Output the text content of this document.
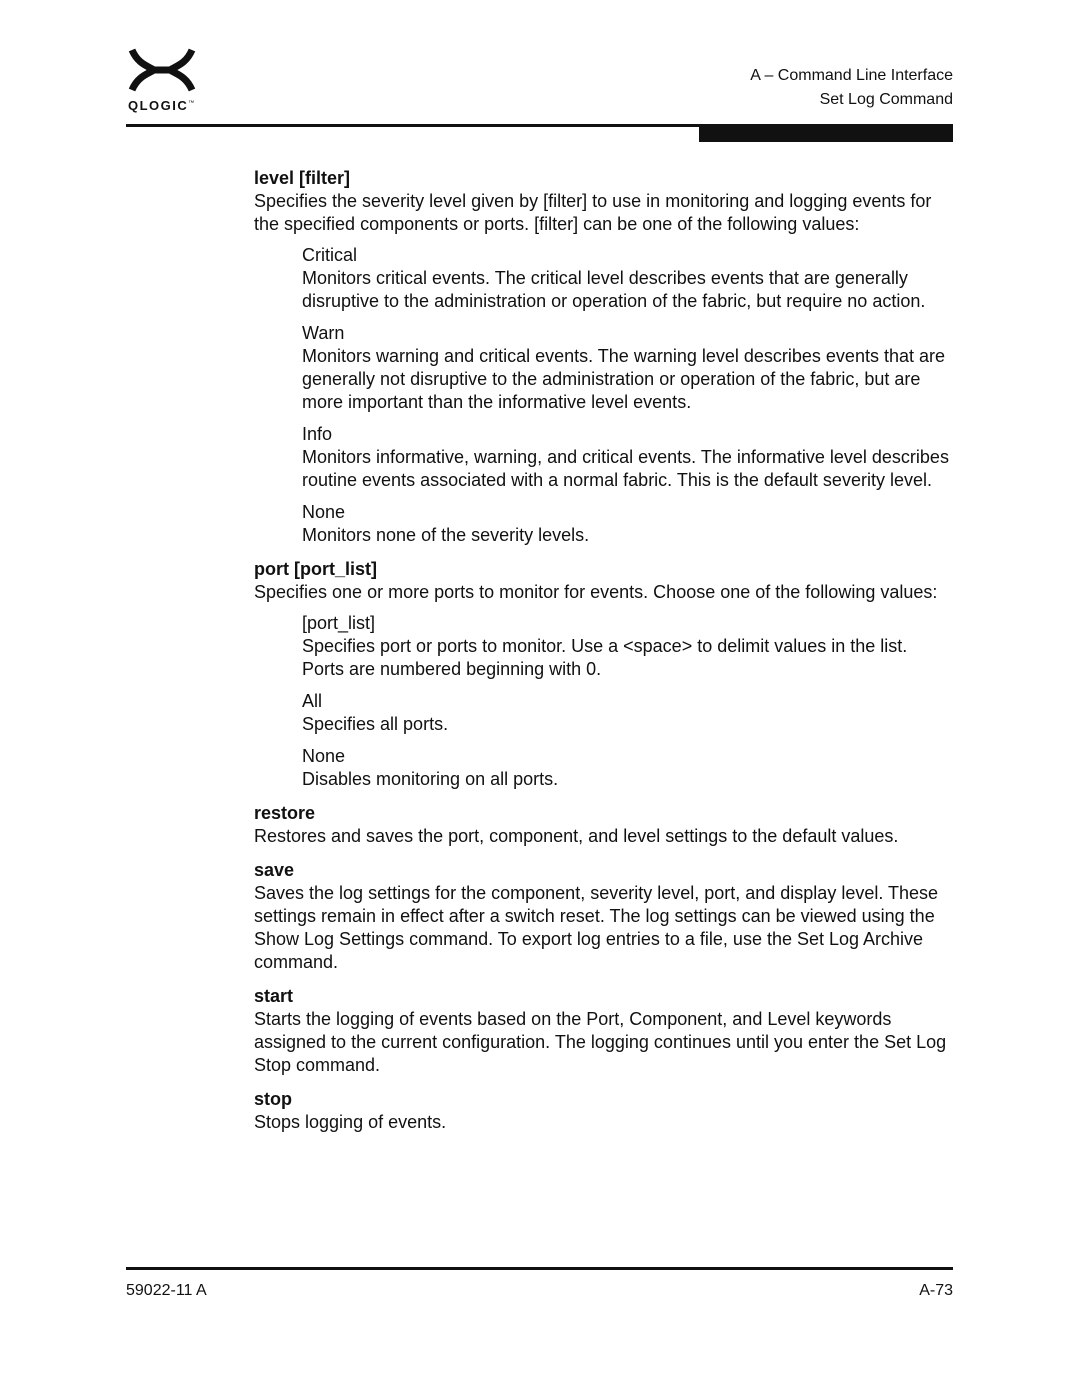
QLOGIC™
A – Command Line Interface
Set Log Command
level [filter]
Specifies the severity level given by [filter] to use in monitoring and logging events for the specified components or ports. [filter] can be one of the following values:
Critical
Monitors critical events. The critical level describes events that are generally disruptive to the administration or operation of the fabric, but require no action.
Warn
Monitors warning and critical events. The warning level describes events that are generally not disruptive to the administration or operation of the fabric, but are more important than the informative level events.
Info
Monitors informative, warning, and critical events. The informative level describes routine events associated with a normal fabric. This is the default severity level.
None
Monitors none of the severity levels.
port [port_list]
Specifies one or more ports to monitor for events. Choose one of the following values:
[port_list]
Specifies port or ports to monitor. Use a <space> to delimit values in the list. Ports are numbered beginning with 0.
All
Specifies all ports.
None
Disables monitoring on all ports.
restore
Restores and saves the port, component, and level settings to the default values.
save
Saves the log settings for the component, severity level, port, and display level. These settings remain in effect after a switch reset. The log settings can be viewed using the Show Log Settings command. To export log entries to a file, use the Set Log Archive command.
start
Starts the logging of events based on the Port, Component, and Level keywords assigned to the current configuration. The logging continues until you enter the Set Log Stop command.
stop
Stops logging of events.
59022-11 A	A-73
